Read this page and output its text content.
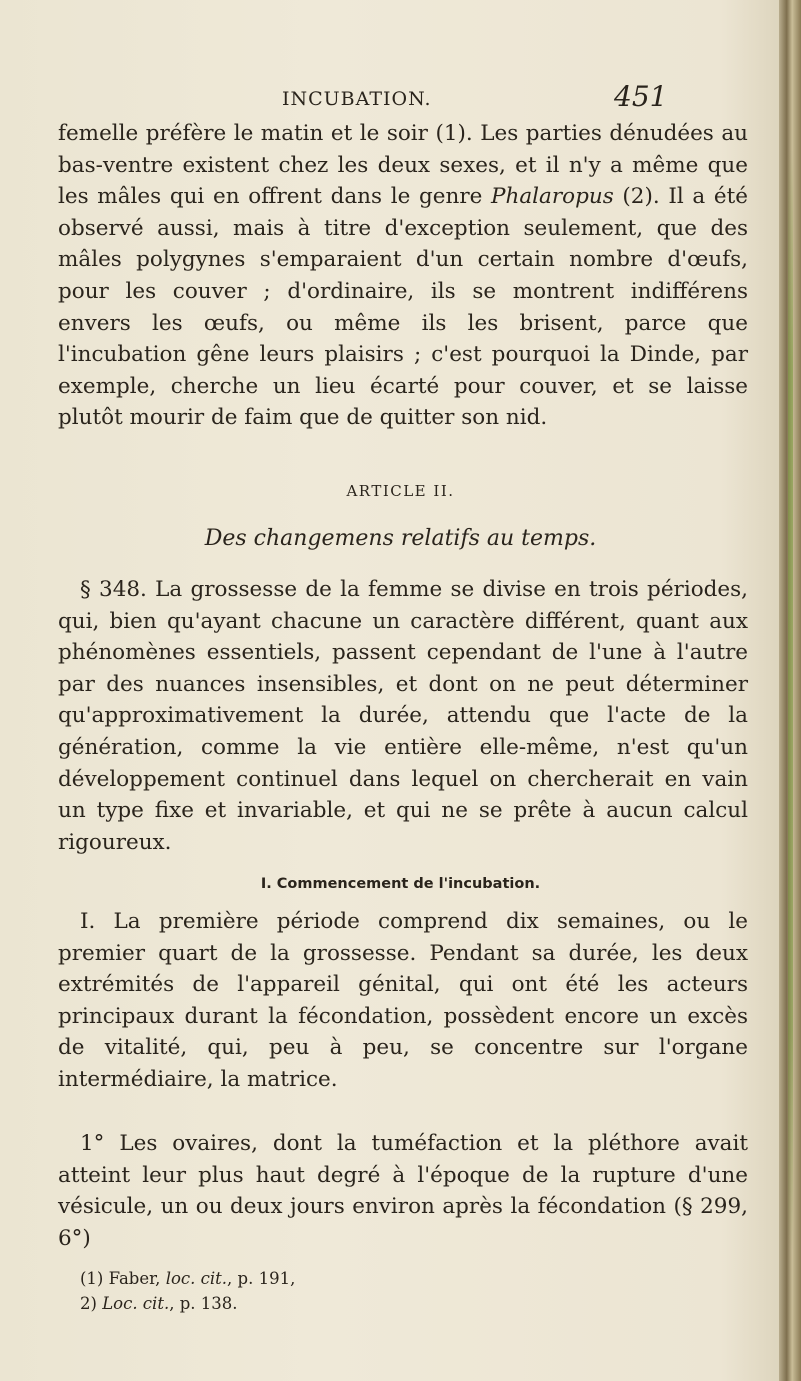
INCUBATION.	451
femelle préfère le matin et le soir (1). Les parties dénudées au bas-ventre existent chez les deux sexes, et il n'y a même que les mâles qui en offrent dans le genre Phalaropus (2). Il a été observé aussi, mais à titre d'exception seulement, que des mâles polygynes s'emparaient d'un certain nombre d'œufs, pour les couver ; d'ordinaire, ils se montrent indifférens envers les œufs, ou même ils les brisent, parce que l'incubation gêne leurs plaisirs ; c'est pourquoi la Dinde, par exemple, cherche un lieu écarté pour couver, et se laisse plutôt mourir de faim que de quitter son nid.
ARTICLE II.
Des changemens relatifs au temps.
§ 348. La grossesse de la femme se divise en trois périodes, qui, bien qu'ayant chacune un caractère différent, quant aux phénomènes essentiels, passent cependant de l'une à l'autre par des nuances insensibles, et dont on ne peut déterminer qu'approximativement la durée, attendu que l'acte de la génération, comme la vie entière elle-même, n'est qu'un développement continuel dans lequel on chercherait en vain un type fixe et invariable, et qui ne se prête à aucun calcul rigoureux.
I. Commencement de l'incubation.
I. La première période comprend dix semaines, ou le premier quart de la grossesse. Pendant sa durée, les deux extrémités de l'appareil génital, qui ont été les acteurs principaux durant la fécondation, possèdent encore un excès de vitalité, qui, peu à peu, se concentre sur l'organe intermédiaire, la matrice.
1° Les ovaires, dont la tuméfaction et la pléthore avait atteint leur plus haut degré à l'époque de la rupture d'une vésicule, un ou deux jours environ après la fécondation (§ 299, 6°)
(1) Faber, loc. cit., p. 191,
2) Loc. cit., p. 138.
